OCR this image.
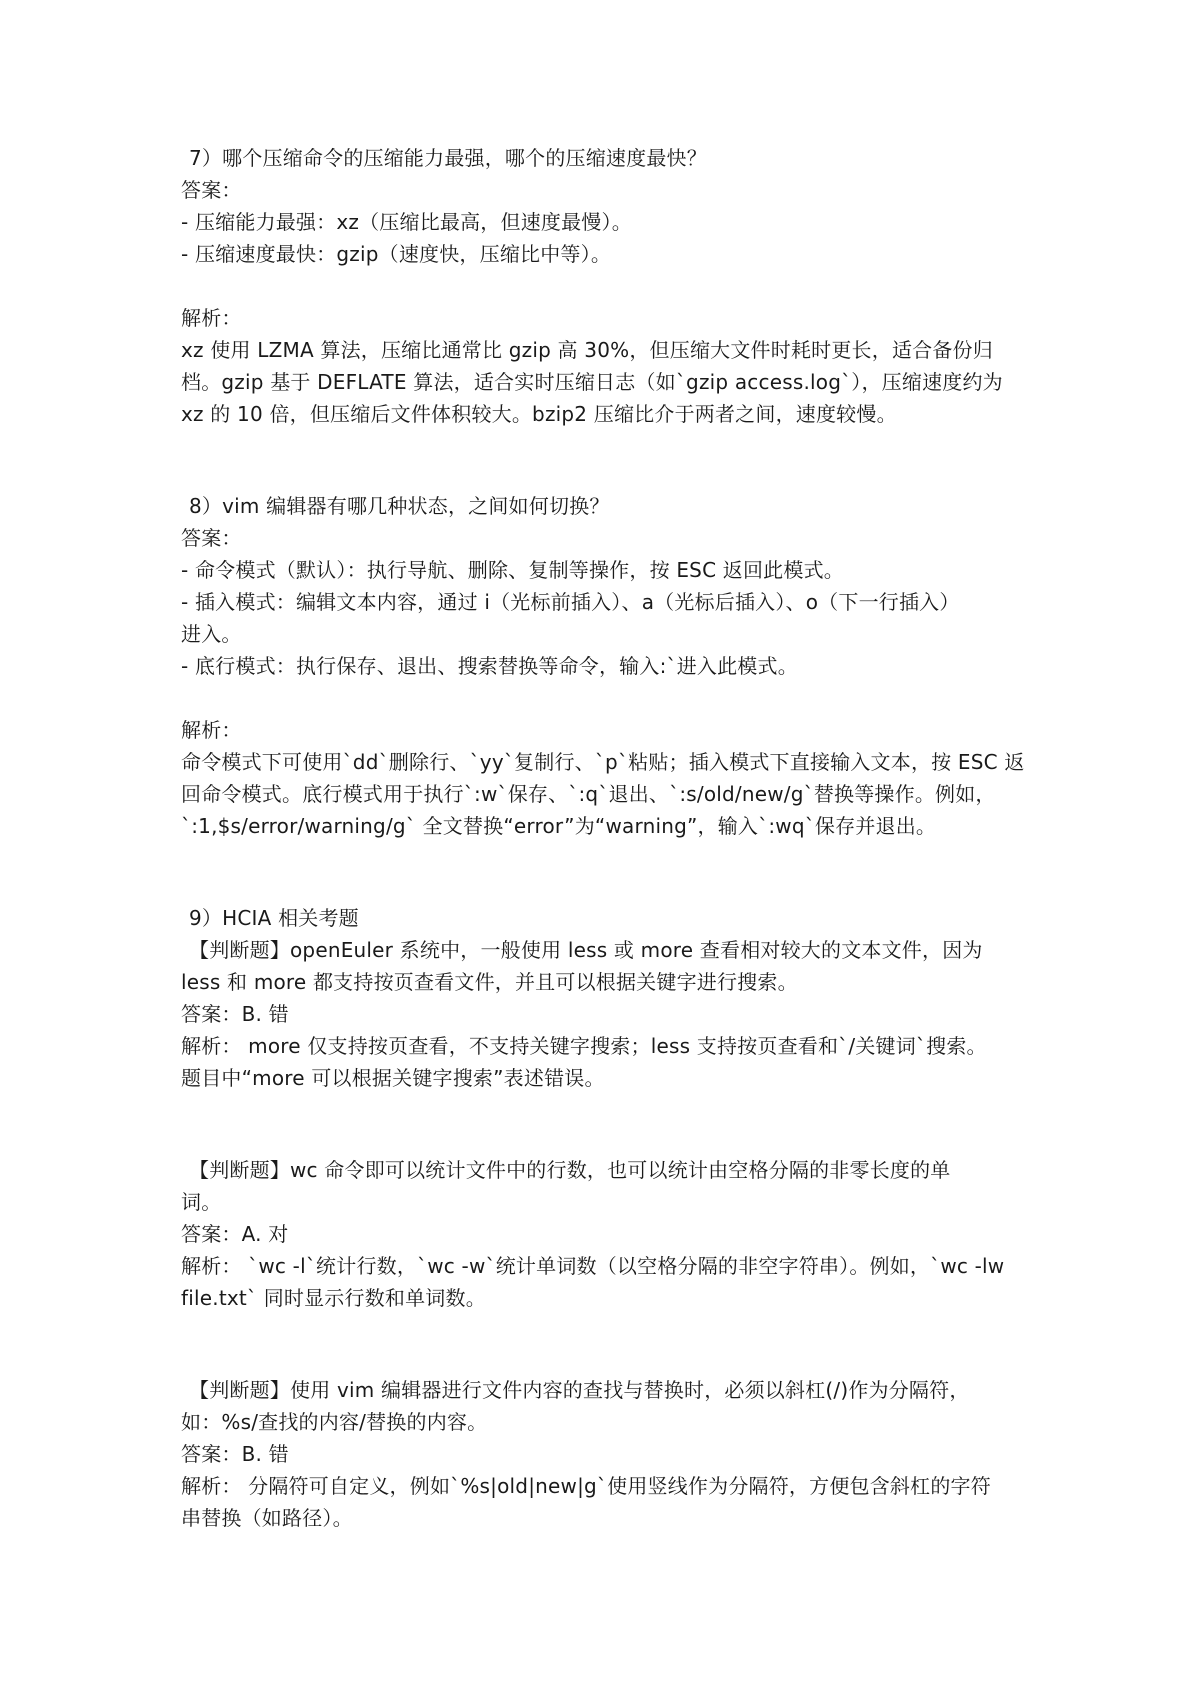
7）哪个压缩命令的压缩能力最强，哪个的压缩速度最快？
答案：
- 压缩能力最强：xz（压缩比最高，但速度最慢）。
- 压缩速度最快：gzip（速度快，压缩比中等）。
解析：
xz 使用 LZMA 算法，压缩比通常比 gzip 高 30%，但压缩大文件时耗时更长，适合备份归
档。gzip 基于 DEFLATE 算法，适合实时压缩日志（如`gzip access.log`），压缩速度约为
xz 的 10 倍，但压缩后文件体积较大。bzip2 压缩比介于两者之间，速度较慢。
8）vim 编辑器有哪几种状态，之间如何切换？
答案：
- 命令模式（默认）：执行导航、删除、复制等操作，按 ESC 返回此模式。
- 插入模式：编辑文本内容，通过 i（光标前插入）、a（光标后插入）、o（下一行插入）
进入。
- 底行模式：执行保存、退出、搜索替换等命令，输入:`进入此模式。
解析：
命令模式下可使用`dd`删除行、`yy`复制行、`p`粘贴；插入模式下直接输入文本，按 ESC 返
回命令模式。底行模式用于执行`:w`保存、`:q`退出、`:s/old/new/g`替换等操作。例如，
`:1,$s/error/warning/g` 全文替换“error”为“warning”，输入`:wq`保存并退出。
9）HCIA 相关考题
【判断题】openEuler 系统中，一般使用 less 或 more 查看相对较大的文本文件，因为
less 和 more 都支持按页查看文件，并且可以根据关键字进行搜索。
答案：B. 错
解析： more 仅支持按页查看，不支持关键字搜索；less 支持按页查看和`/关键词`搜索。
题目中“more 可以根据关键字搜索”表述错误。
【判断题】wc 命令即可以统计文件中的行数，也可以统计由空格分隔的非零长度的单
词。
答案：A. 对
解析： `wc -l`统计行数，`wc -w`统计单词数（以空格分隔的非空字符串）。例如，`wc -lw
file.txt` 同时显示行数和单词数。
【判断题】使用 vim 编辑器进行文件内容的查找与替换时，必须以斜杠(/)作为分隔符，
如：%s/查找的内容/替换的内容。
答案：B. 错
解析： 分隔符可自定义，例如`%s|old|new|g`使用竖线作为分隔符，方便包含斜杠的字符
串替换（如路径）。
